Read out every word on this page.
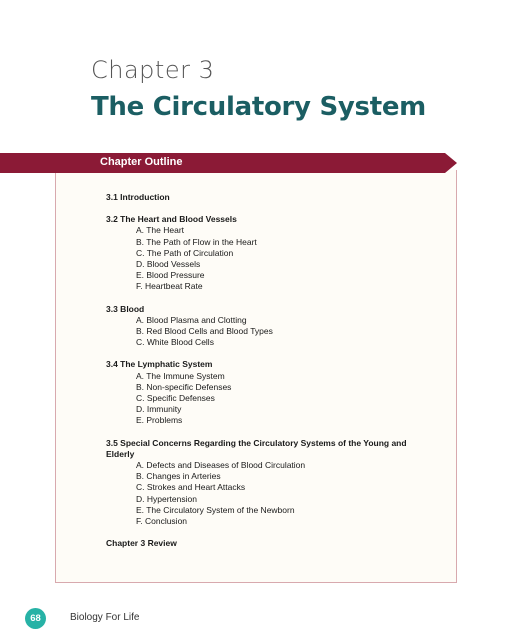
Chapter 3
The Circulatory System
Chapter Outline
3.1 Introduction
3.2 The Heart and Blood Vessels
A. The Heart
B. The Path of Flow in the Heart
C. The Path of Circulation
D. Blood Vessels
E. Blood Pressure
F. Heartbeat Rate
3.3 Blood
A. Blood Plasma and Clotting
B. Red Blood Cells and Blood Types
C. White Blood Cells
3.4 The Lymphatic System
A. The Immune System
B. Non-specific Defenses
C. Specific Defenses
D. Immunity
E. Problems
3.5 Special Concerns Regarding the Circulatory Systems of the Young and Elderly
A. Defects and Diseases of Blood Circulation
B. Changes in Arteries
C. Strokes and Heart Attacks
D. Hypertension
E. The Circulatory System of the Newborn
F. Conclusion
Chapter 3 Review
68	Biology For Life
